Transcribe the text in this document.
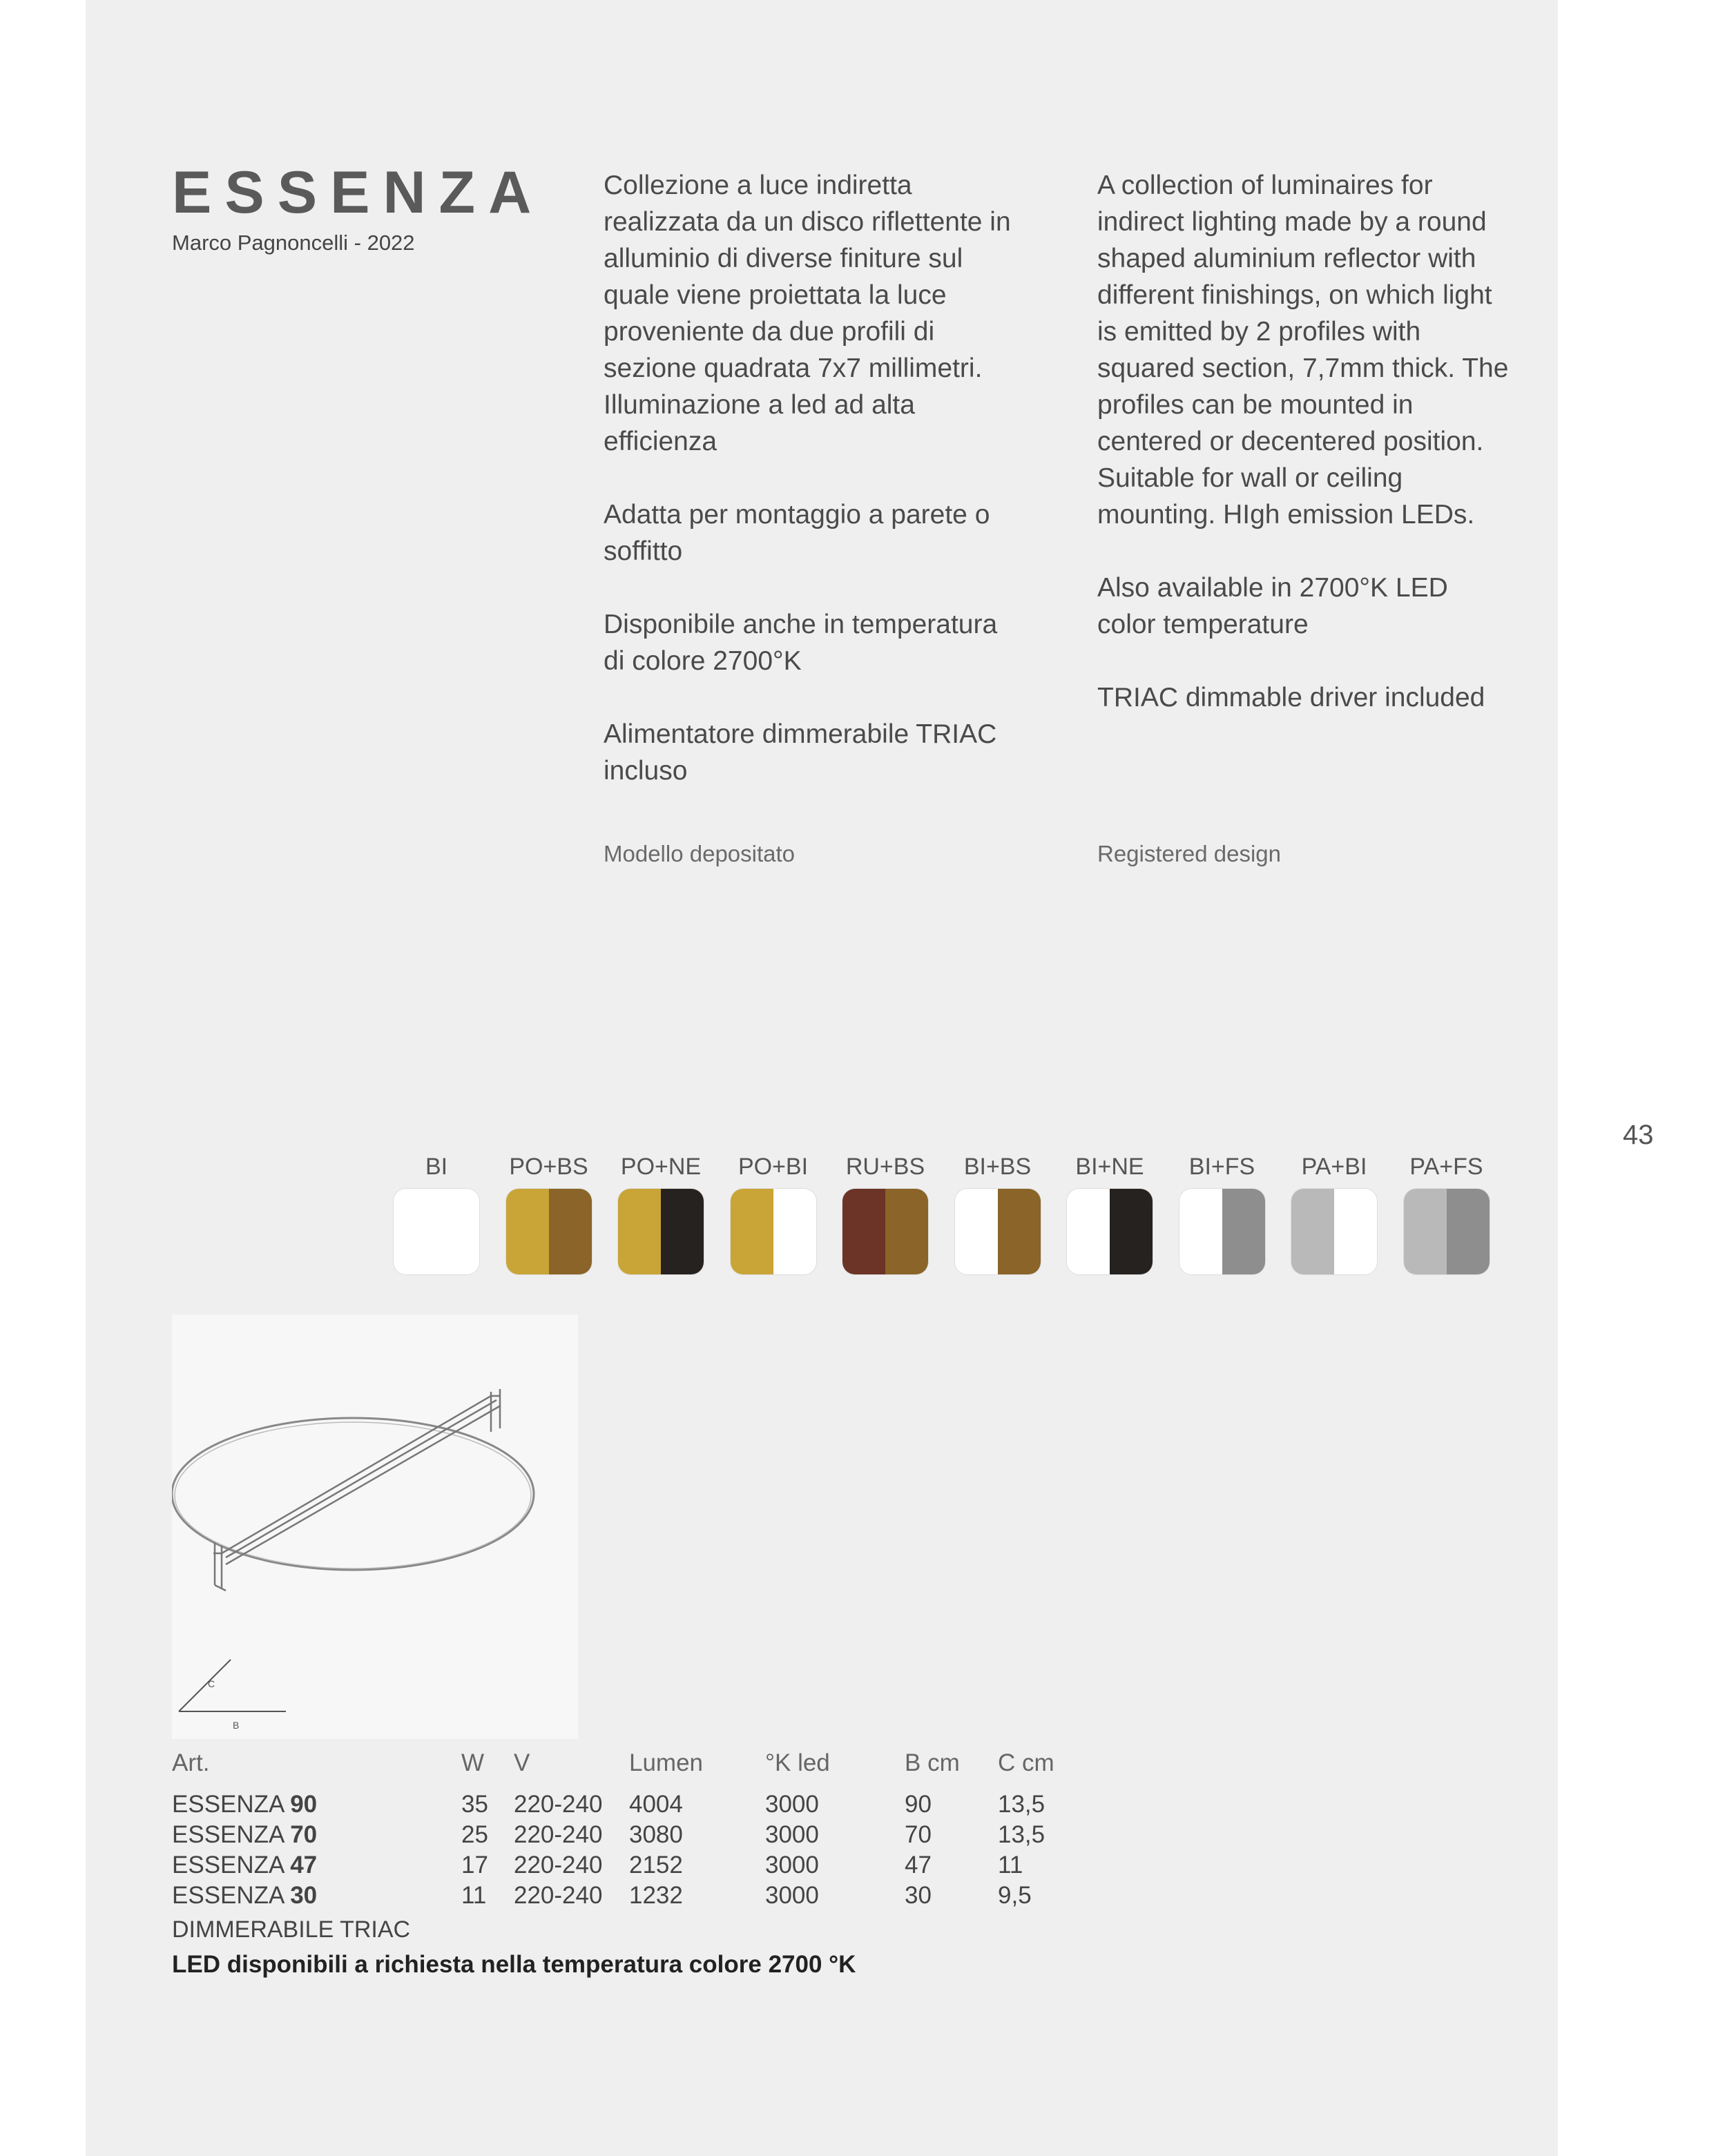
ESSENZA
Marco Pagnoncelli - 2022

Collezione a luce indiretta realizzata da un disco riflettente in alluminio di diverse finiture sul quale viene proiettata la luce proveniente da due profili di sezione quadrata 7x7 millimetri. Illuminazione a led ad alta efficienza

Adatta per montaggio a parete o soffitto

Disponibile anche in temperatura di colore 2700°K

Alimentatore dimmerabile TRIAC incluso

A collection of luminaires for indirect lighting made by a round shaped aluminium reflector with different finishings, on which light is emitted by 2 profiles with squared section, 7,7mm thick. The profiles can be mounted in centered or decentered position. Suitable for wall or ceiling mounting. HIgh emission LEDs.

Also available in 2700°K LED color temperature

TRIAC dimmable driver included

Modello depositato	Registered design
43
BI	PO+BS PO+NE	PO+BI	RU+BS	BI+BS	BI+NE	BI+FS	PA+BI	PA+FS
C
B
Art.	W V	Lumen	°K led	B cm C cm
ESSENZA 90	35 220-240 4004	3000	90	13,5
ESSENZA 70	25 220-240 3080	3000	70	13,5
ESSENZA 47	17 220-240 2152	3000	47	11
ESSENZA 30	11 220-240 1232	3000	30	9,5
DIMMERABILE TRIAC
LED disponibili a richiesta nella temperatura colore 2700 °K
